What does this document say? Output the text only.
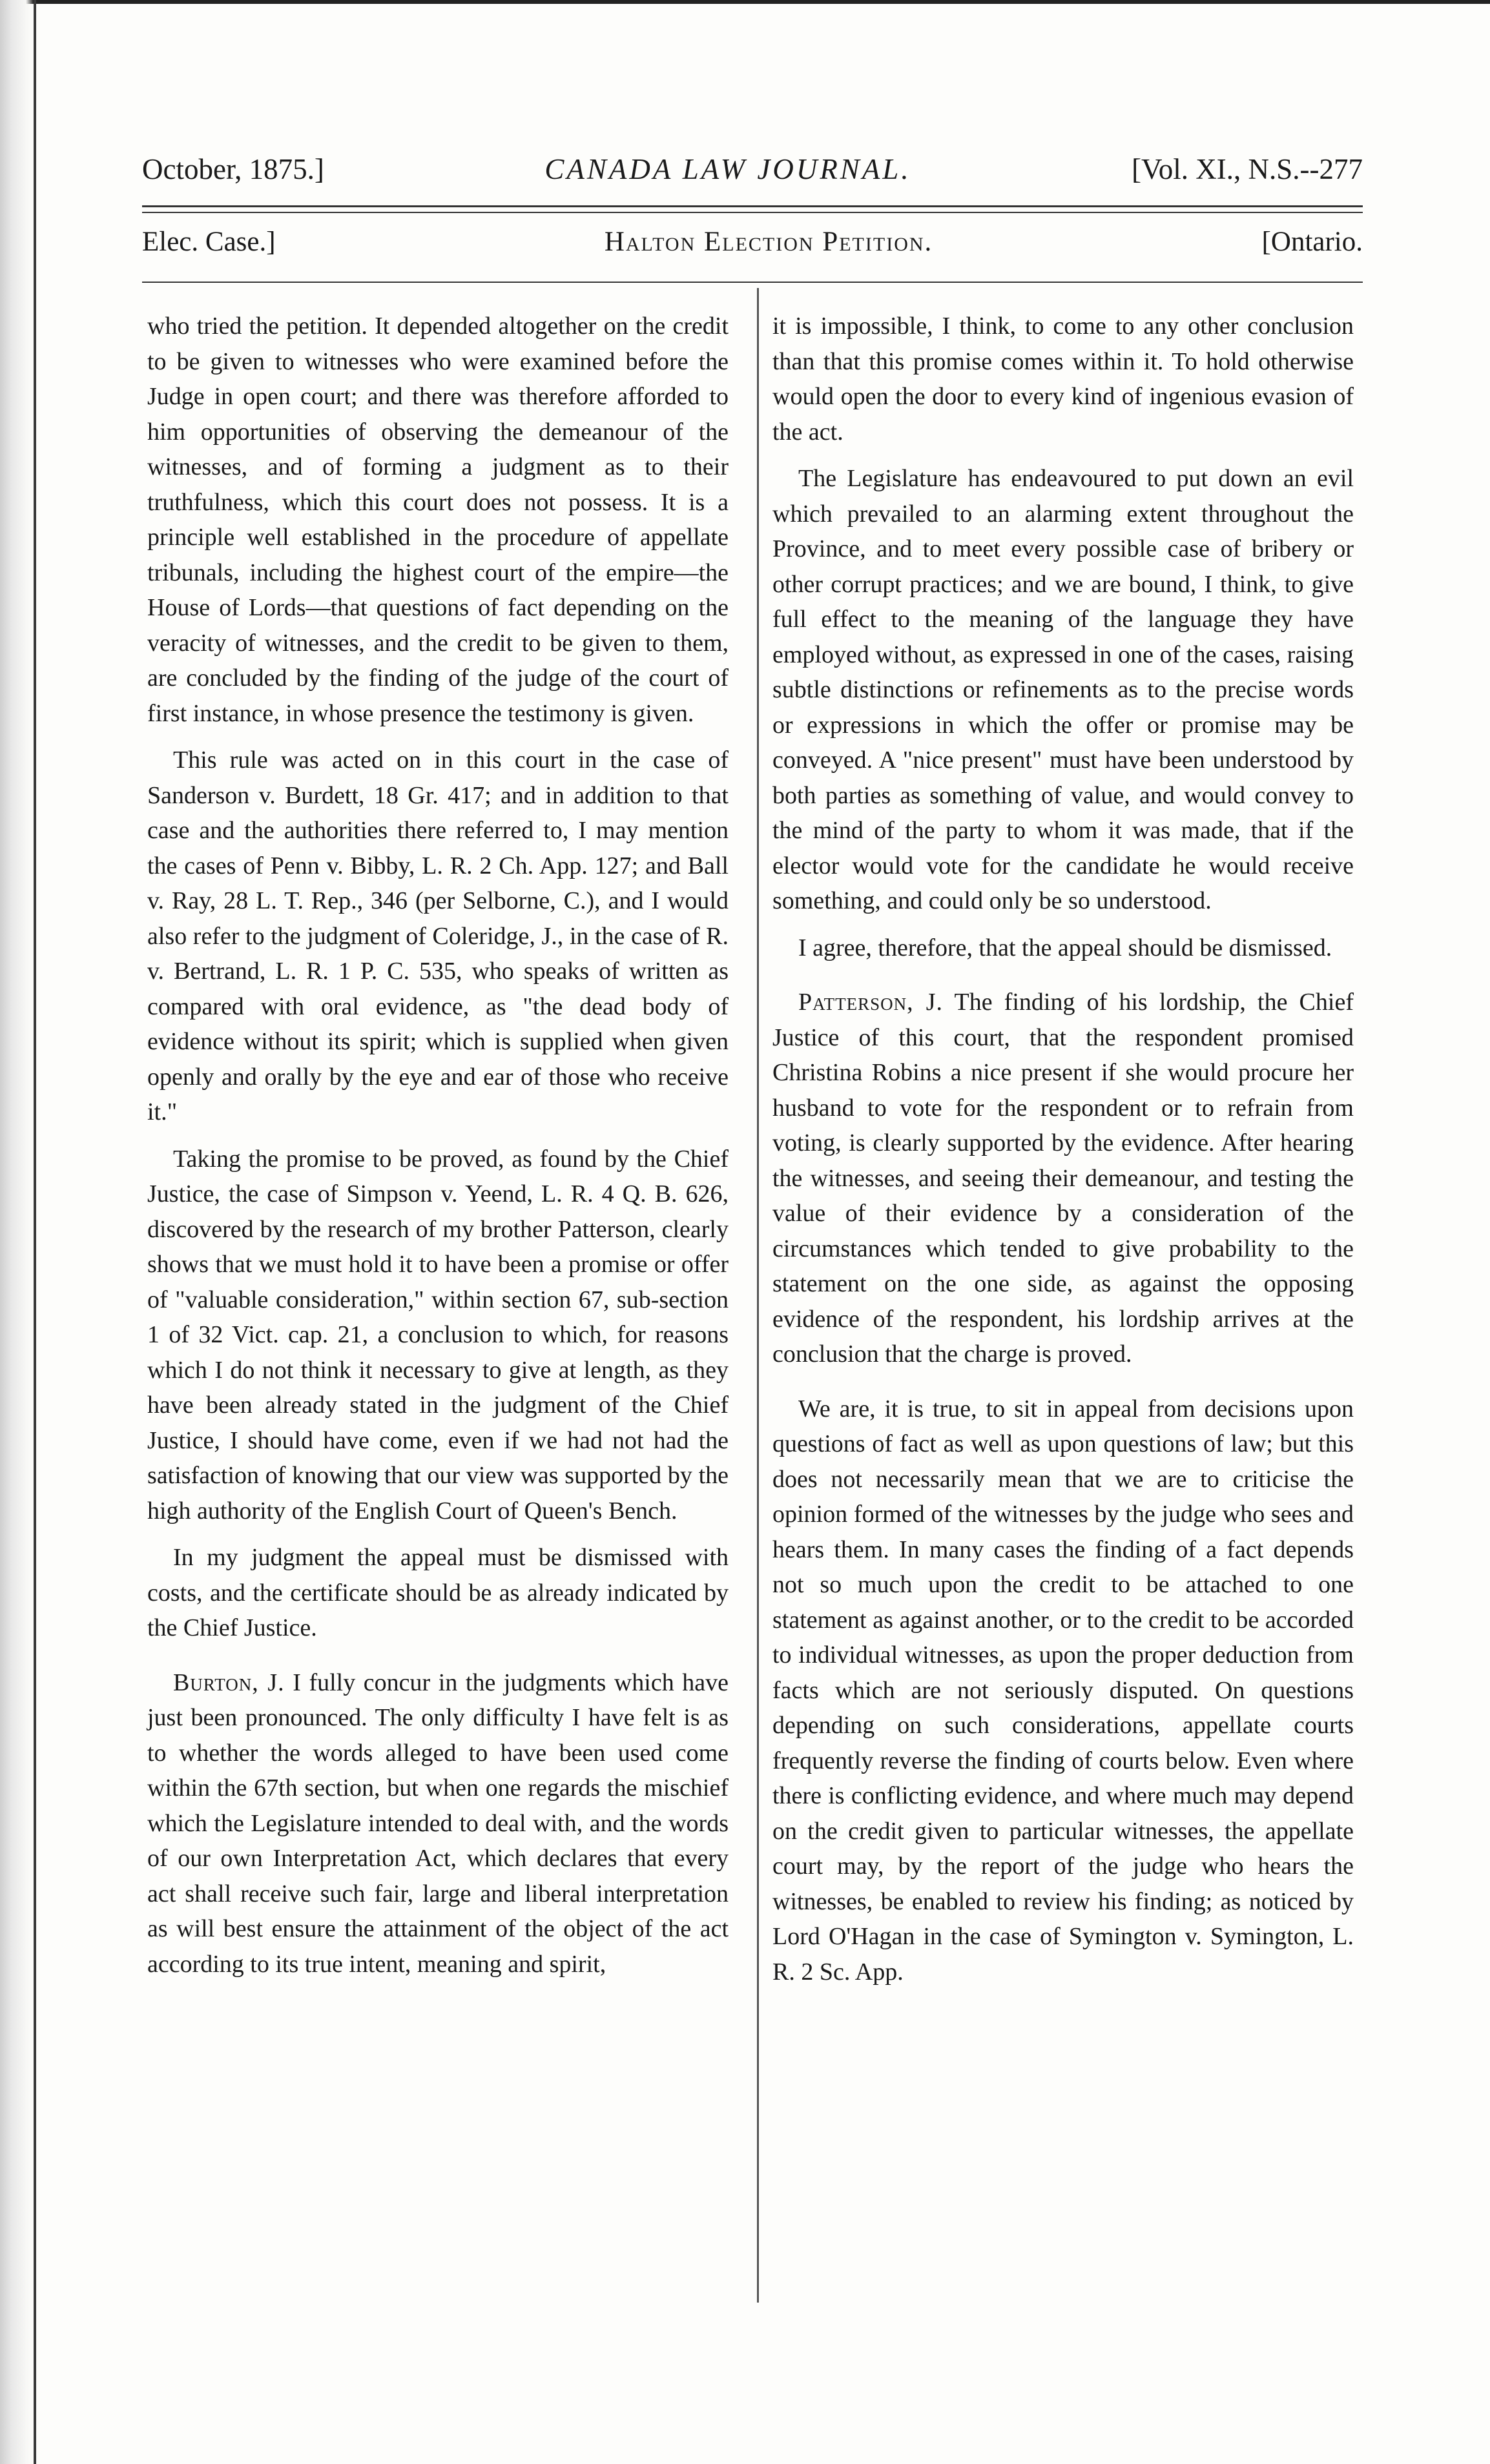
October, 1875.]	CANADA LAW JOURNAL.	[Vol. XI., N.S.--277
Elec. Case.]	Halton Election Petition.	[Ontario.

who tried the petition. It depended altogether on the credit to be given to witnesses who were examined before the Judge in open court; and there was therefore afforded to him opportunities of observing the demeanour of the witnesses, and of forming a judgment as to their truthfulness, which this court does not possess. It is a principle well established in the procedure of appellate tribunals, including the highest court of the empire—the House of Lords—that questions of fact depending on the veracity of witnesses, and the credit to be given to them, are concluded by the finding of the judge of the court of first instance, in whose presence the testimony is given.

This rule was acted on in this court in the case of Sanderson v. Burdett, 18 Gr. 417; and in addition to that case and the authorities there referred to, I may mention the cases of Penn v. Bibby, L. R. 2 Ch. App. 127; and Ball v. Ray, 28 L. T. Rep., 346 (per Selborne, C.), and I would also refer to the judgment of Coleridge, J., in the case of R. v. Bertrand, L. R. 1 P. C. 535, who speaks of written as compared with oral evidence, as "the dead body of evidence without its spirit; which is supplied when given openly and orally by the eye and ear of those who receive it."

Taking the promise to be proved, as found by the Chief Justice, the case of Simpson v. Yeend, L. R. 4 Q. B. 626, discovered by the research of my brother Patterson, clearly shows that we must hold it to have been a promise or offer of "valuable consideration," within section 67, sub-section 1 of 32 Vict. cap. 21, a conclusion to which, for reasons which I do not think it necessary to give at length, as they have been already stated in the judgment of the Chief Justice, I should have come, even if we had not had the satisfaction of knowing that our view was supported by the high authority of the English Court of Queen's Bench.

In my judgment the appeal must be dismissed with costs, and the certificate should be as already indicated by the Chief Justice.

Burton, J. I fully concur in the judgments which have just been pronounced. The only difficulty I have felt is as to whether the words alleged to have been used come within the 67th section, but when one regards the mischief which the Legislature intended to deal with, and the words of our own Interpretation Act, which declares that every act shall receive such fair, large and liberal interpretation as will best ensure the attainment of the object of the act according to its true intent, meaning and spirit,

it is impossible, I think, to come to any other conclusion than that this promise comes within it. To hold otherwise would open the door to every kind of ingenious evasion of the act.

The Legislature has endeavoured to put down an evil which prevailed to an alarming extent throughout the Province, and to meet every possible case of bribery or other corrupt practices; and we are bound, I think, to give full effect to the meaning of the language they have employed without, as expressed in one of the cases, raising subtle distinctions or refinements as to the precise words or expressions in which the offer or promise may be conveyed. A "nice present" must have been understood by both parties as something of value, and would convey to the mind of the party to whom it was made, that if the elector would vote for the candidate he would receive something, and could only be so understood.

I agree, therefore, that the appeal should be dismissed.

Patterson, J. The finding of his lordship, the Chief Justice of this court, that the respondent promised Christina Robins a nice present if she would procure her husband to vote for the respondent or to refrain from voting, is clearly supported by the evidence. After hearing the witnesses, and seeing their demeanour, and testing the value of their evidence by a consideration of the circumstances which tended to give probability to the statement on the one side, as against the opposing evidence of the respondent, his lordship arrives at the conclusion that the charge is proved.

We are, it is true, to sit in appeal from decisions upon questions of fact as well as upon questions of law; but this does not necessarily mean that we are to criticise the opinion formed of the witnesses by the judge who sees and hears them. In many cases the finding of a fact depends not so much upon the credit to be attached to one statement as against another, or to the credit to be accorded to individual witnesses, as upon the proper deduction from facts which are not seriously disputed. On questions depending on such considerations, appellate courts frequently reverse the finding of courts below. Even where there is conflicting evidence, and where much may depend on the credit given to particular witnesses, the appellate court may, by the report of the judge who hears the witnesses, be enabled to review his finding; as noticed by Lord O'Hagan in the case of Symington v. Symington, L. R. 2 Sc. App.
